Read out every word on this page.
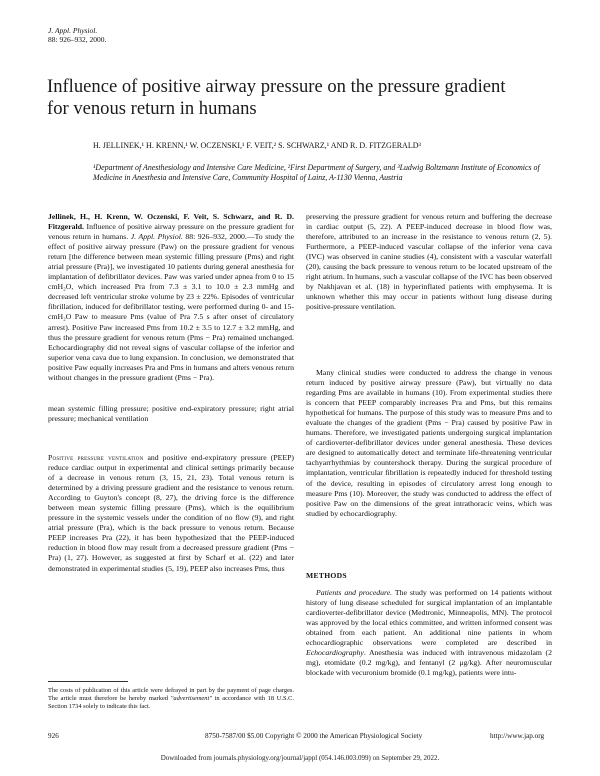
J. Appl. Physiol.
88: 926–932, 2000.
Influence of positive airway pressure on the pressure gradient for venous return in humans
H. JELLINEK,¹ H. KRENN,¹ W. OCZENSKI,¹ F. VEIT,² S. SCHWARZ,¹ AND R. D. FITZGERALD³
¹Department of Anesthesiology and Intensive Care Medicine, ²First Department of Surgery, and ³Ludwig Boltzmann Institute of Economics of Medicine in Anesthesia and Intensive Care, Community Hospital of Lainz, A-1130 Vienna, Austria

Jellinek, H., H. Krenn, W. Oczenski, F. Veit, S. Schwarz, and R. D. Fitzgerald. Influence of positive airway pressure on the pressure gradient for venous return in humans. J. Appl. Physiol. 88: 926–932, 2000.—To study the effect of positive airway pressure (Paw) on the pressure gradient for venous return [the difference between mean systemic filling pressure (Pms) and right atrial pressure (Pra)], we investigated 10 patients during general anesthesia for implantation of defibrillator devices. Paw was varied under apnea from 0 to 15 cmH₂O, which increased Pra from 7.3 ± 3.1 to 10.0 ± 2.3 mmHg and decreased left ventricular stroke volume by 23 ± 22%. Episodes of ventricular fibrillation, induced for defibrillator testing, were performed during 0- and 15-cmH₂O Paw to measure Pms (value of Pra 7.5 s after onset of circulatory arrest). Positive Paw increased Pms from 10.2 ± 3.5 to 12.7 ± 3.2 mmHg, and thus the pressure gradient for venous return (Pms − Pra) remained unchanged. Echocardiography did not reveal signs of vascular collapse of the inferior and superior vena cava due to lung expansion. In conclusion, we demonstrated that positive Paw equally increases Pra and Pms in humans and alters venous return without changes in the pressure gradient (Pms − Pra).

mean systemic filling pressure; positive end-expiratory pressure; right atrial pressure; mechanical ventilation

Positive pressure ventilation and positive end-expiratory pressure (PEEP) reduce cardiac output in experimental and clinical settings primarily because of a decrease in venous return (3, 15, 21, 23). Total venous return is determined by a driving pressure gradient and the resistance to venous return. According to Guyton's concept (8, 27), the driving force is the difference between mean systemic filling pressure (Pms), which is the equilibrium pressure in the systemic vessels under the condition of no flow (9), and right atrial pressure (Pra), which is the back pressure to venous return. Because PEEP increases Pra (22), it has been hypothesized that the PEEP-induced reduction in blood flow may result from a decreased pressure gradient (Pms − Pra) (1, 27). However, as suggested at first by Scharf et al. (22) and later demonstrated in experimental studies (5, 19), PEEP also increases Pms, thus

preserving the pressure gradient for venous return and buffering the decrease in cardiac output (5, 22). A PEEP-induced decrease in blood flow was, therefore, attributed to an increase in the resistance to venous return (2, 5). Furthermore, a PEEP-induced vascular collapse of the inferior vena cava (IVC) was observed in canine studies (4), consistent with a vascular waterfall (20), causing the back pressure to venous return to be located upstream of the right atrium. In humans, such a vascular collapse of the IVC has been observed by Nakhjavan et al. (18) in hyperinflated patients with emphysema. It is unknown whether this may occur in patients without lung disease during positive-pressure ventilation.
Many clinical studies were conducted to address the change in venous return induced by positive airway pressure (Paw), but virtually no data regarding Pms are available in humans (10). From experimental studies there is concern that PEEP comparably increases Pra and Pms, but this remains hypothetical for humans. The purpose of this study was to measure Pms and to evaluate the changes of the gradient (Pms − Pra) caused by positive Paw in humans. Therefore, we investigated patients undergoing surgical implantation of cardioverter-defibrillator devices under general anesthesia. These devices are designed to automatically detect and terminate life-threatening ventricular tachyarrhythmias by countershock therapy. During the surgical procedure of implantation, ventricular fibrillation is repeatedly induced for threshold testing of the device, resulting in episodes of circulatory arrest long enough to measure Pms (10). Moreover, the study was conducted to address the effect of positive Paw on the dimensions of the great intrathoracic veins, which was studied by echocardiography.
METHODS

Patients and procedure. The study was performed on 14 patients without history of lung disease scheduled for surgical implantation of an implantable cardioverter-defibrillator device (Medtronic, Minneapolis, MN). The protocol was approved by the local ethics committee, and written informed consent was obtained from each patient. An additional nine patients in whom echocardiographic observations were completed are described in Echocardiography. Anesthesia was induced with intravenous midazolam (2 mg), etomidate (0.2 mg/kg), and fentanyl (2 μg/kg). After neuromuscular blockade with vecuronium bromide (0.1 mg/kg), patients were intu-

The costs of publication of this article were defrayed in part by the payment of page charges. The article must therefore be hereby marked ''advertisement'' in accordance with 18 U.S.C. Section 1734 solely to indicate this fact.
926	8750-7587/00 $5.00 Copyright © 2000 the American Physiological Society	http://www.jap.org
Downloaded from journals.physiology.org/journal/jappl (054.146.003.099) on September 29, 2022.
